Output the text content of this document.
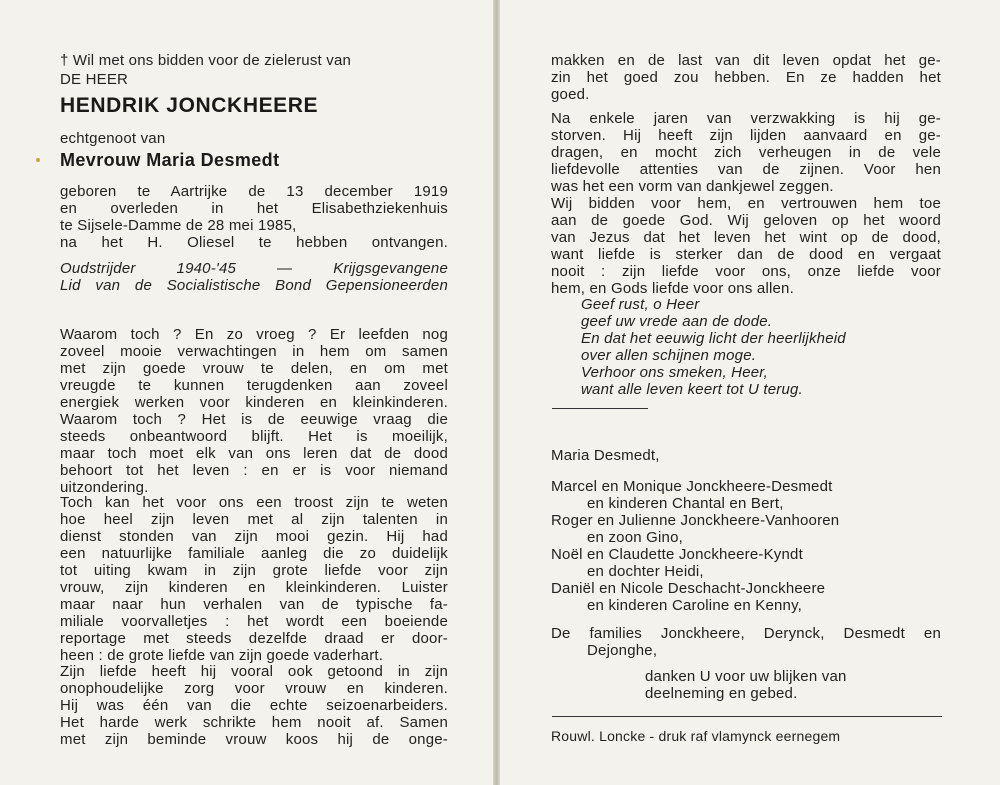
† Wil met ons bidden voor de zielerust van
DE HEER
HENDRIK JONCKHEERE
echtgenoot van
Mevrouw Maria Desmedt
geboren te Aartrijke de 13 december 1919
en overleden in het Elisabethziekenhuis
te Sijsele-Damme de 28 mei 1985,
na het H. Oliesel te hebben ontvangen.
Oudstrijder 1940-'45 — Krijgsgevangene
Lid van de Socialistische Bond Gepensioneerden
Waarom toch ? En zo vroeg ? Er leefden nog
zoveel mooie verwachtingen in hem om samen
met zijn goede vrouw te delen, en om met
vreugde te kunnen terugdenken aan zoveel
energiek werken voor kinderen en kleinkinderen.
Waarom toch ? Het is de eeuwige vraag die
steeds onbeantwoord blijft. Het is moeilijk,
maar toch moet elk van ons leren dat de dood
behoort tot het leven : en er is voor niemand
uitzondering.
Toch kan het voor ons een troost zijn te weten
hoe heel zijn leven met al zijn talenten in
dienst stonden van zijn mooi gezin. Hij had
een natuurlijke familiale aanleg die zo duidelijk
tot uiting kwam in zijn grote liefde voor zijn
vrouw, zijn kinderen en kleinkinderen. Luister
maar naar hun verhalen van de typische fa-
miliale voorvalletjes : het wordt een boeiende
reportage met steeds dezelfde draad er door-
heen : de grote liefde van zijn goede vaderhart.
Zijn liefde heeft hij vooral ook getoond in zijn
onophoudelijke zorg voor vrouw en kinderen.
Hij was één van die echte seizoenarbeiders.
Het harde werk schrikte hem nooit af. Samen
met zijn beminde vrouw koos hij de onge-
makken en de last van dit leven opdat het ge-
zin het goed zou hebben. En ze hadden het
goed.
Na enkele jaren van verzwakking is hij ge-
storven. Hij heeft zijn lijden aanvaard en ge-
dragen, en mocht zich verheugen in de vele
liefdevolle attenties van de zijnen. Voor hen
was het een vorm van dankjewel zeggen.
Wij bidden voor hem, en vertrouwen hem toe
aan de goede God. Wij geloven op het woord
van Jezus dat het leven het wint op de dood,
want liefde is sterker dan de dood en vergaat
nooit : zijn liefde voor ons, onze liefde voor
hem, en Gods liefde voor ons allen.
Geef rust, o Heer
geef uw vrede aan de dode.
En dat het eeuwig licht der heerlijkheid
over allen schijnen moge.
Verhoor ons smeken, Heer,
want alle leven keert tot U terug.
Maria Desmedt,
Marcel en Monique Jonckheere-Desmedt
en kinderen Chantal en Bert,
Roger en Julienne Jonckheere-Vanhooren
en zoon Gino,
Noël en Claudette Jonckheere-Kyndt
en dochter Heidi,
Daniël en Nicole Deschacht-Jonckheere
en kinderen Caroline en Kenny,
De families Jonckheere, Derynck, Desmedt en
Dejonghe,
danken U voor uw blijken van
deelneming en gebed.
Rouwl. Loncke - druk raf vlamynck eernegem
